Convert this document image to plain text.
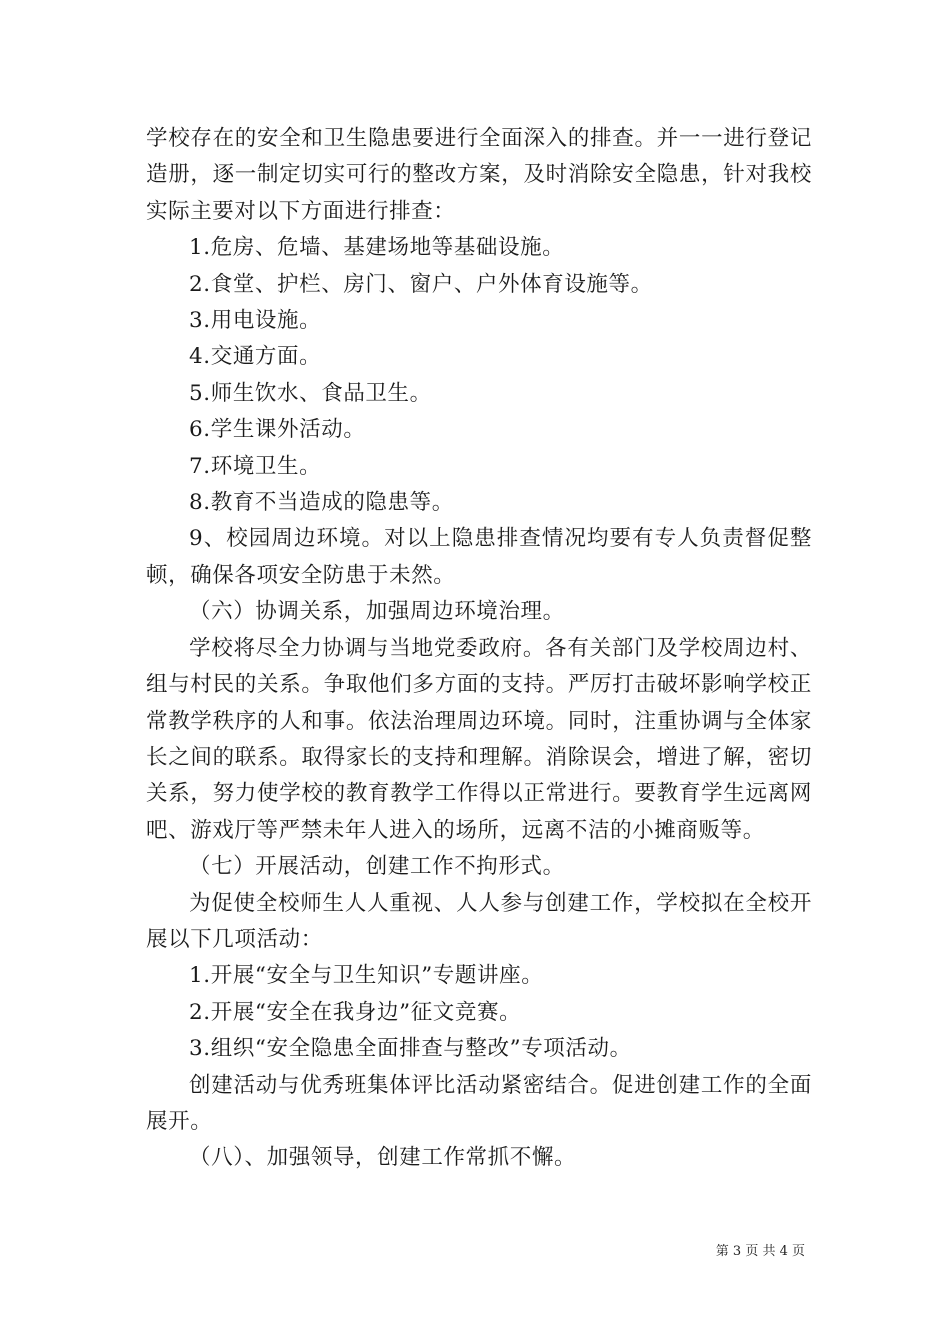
学校存在的安全和卫生隐患要进行全面深入的排查。并一一进行登记造册，逐一制定切实可行的整改方案，及时消除安全隐患，针对我校实际主要对以下方面进行排查：

1.危房、危墙、基建场地等基础设施。

2.食堂、护栏、房门、窗户、户外体育设施等。

3.用电设施。

4.交通方面。

5.师生饮水、食品卫生。

6.学生课外活动。

7.环境卫生。

8.教育不当造成的隐患等。

9、校园周边环境。对以上隐患排查情况均要有专人负责督促整顿，确保各项安全防患于未然。

（六）协调关系，加强周边环境治理。

学校将尽全力协调与当地党委政府。各有关部门及学校周边村、组与村民的关系。争取他们多方面的支持。严厉打击破坏影响学校正常教学秩序的人和事。依法治理周边环境。同时，注重协调与全体家长之间的联系。取得家长的支持和理解。消除误会，增进了解，密切关系，努力使学校的教育教学工作得以正常进行。要教育学生远离网吧、游戏厅等严禁未年人进入的场所，远离不洁的小摊商贩等。

（七）开展活动，创建工作不拘形式。

为促使全校师生人人重视、人人参与创建工作，学校拟在全校开展以下几项活动：

1.开展“安全与卫生知识”专题讲座。

2.开展“安全在我身边”征文竞赛。

3.组织“安全隐患全面排查与整改”专项活动。

创建活动与优秀班集体评比活动紧密结合。促进创建工作的全面展开。

（八）、加强领导，创建工作常抓不懈。

第 3 页 共 4 页
